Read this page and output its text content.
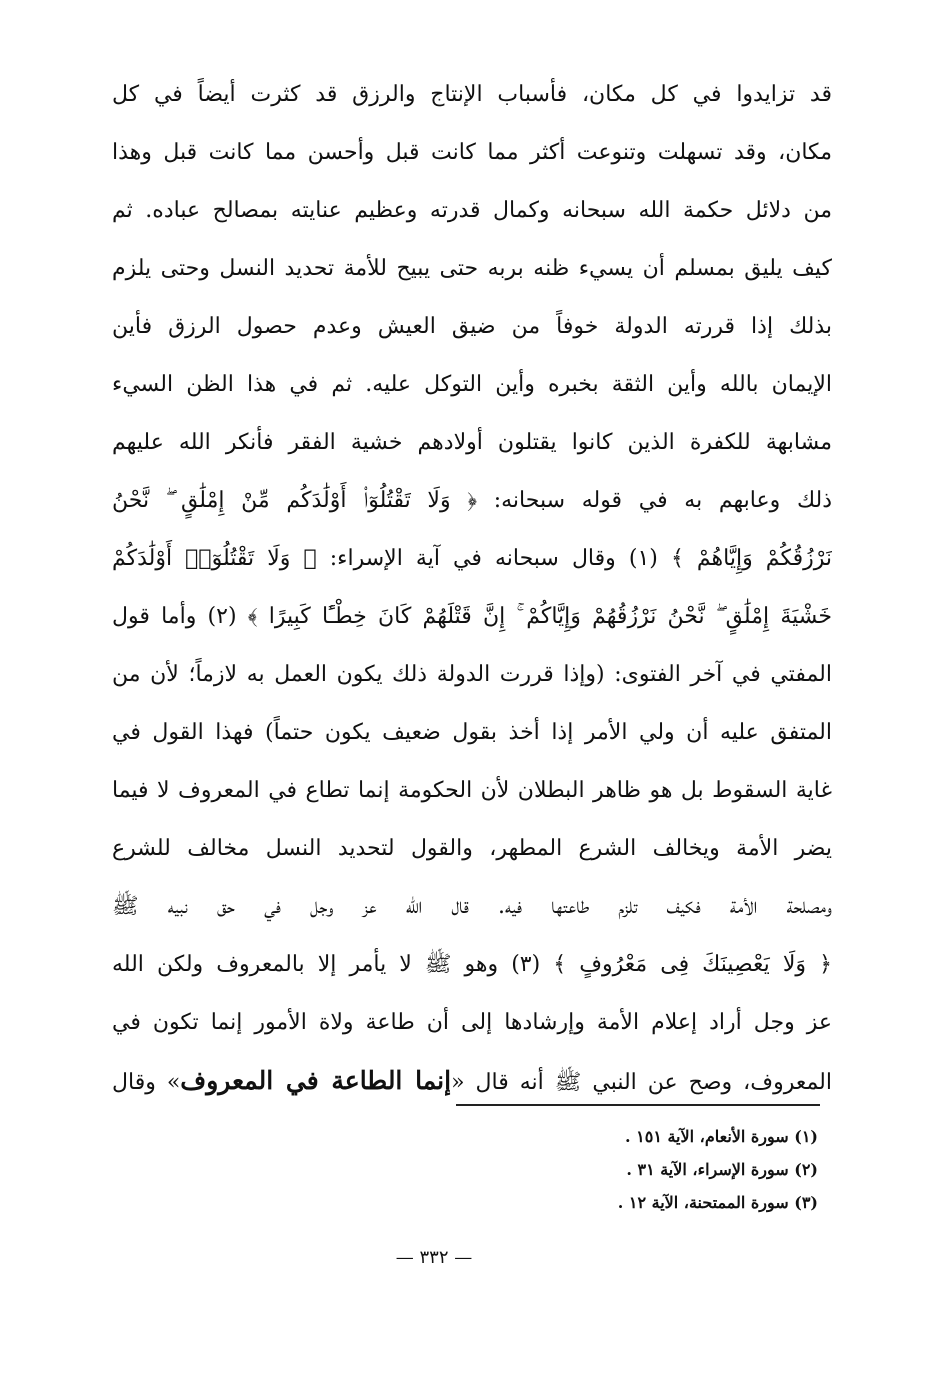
قد تزايدوا في كل مكان، فأسباب الإنتاج والرزق قد كثرت أيضاً في كل
مكان، وقد تسهلت وتنوعت أكثر مما كانت قبل وأحسن مما كانت قبل وهذا
من دلائل حكمة الله سبحانه وكمال قدرته وعظيم عنايته بمصالح عباده. ثم
كيف يليق بمسلم أن يسيء ظنه بربه حتى يبيح للأمة تحديد النسل وحتى يلزم
بذلك إذا قررته الدولة خوفاً من ضيق العيش وعدم حصول الرزق فأين
الإيمان بالله وأين الثقة بخبره وأين التوكل عليه. ثم في هذا الظن السيء
مشابهة للكفرة الذين كانوا يقتلون أولادهم خشية الفقر فأنكر الله عليهم
ذلك وعابهم به في قوله سبحانه: ﴿ وَلَا تَقْتُلُوٓا۟ أَوْلَٰدَكُم مِّنْ إِمْلَٰقٍ ۖ نَّحْنُ
نَرْزُقُكُمْ وَإِيَّاهُمْ ﴾ (١) وقال سبحانه في آية الإسراء: ﴿ وَلَا تَقْتُلُوٓا۟ أَوْلَٰدَكُمْ
خَشْيَةَ إِمْلَٰقٍ ۖ نَّحْنُ نَرْزُقُهُمْ وَإِيَّاكُمْ ۚ إِنَّ قَتْلَهُمْ كَانَ خِطْـًٔا كَبِيرًا ﴾ (٢) وأما قول
المفتي في آخر الفتوى: (وإذا قررت الدولة ذلك يكون العمل به لازماً؛ لأن من
المتفق عليه أن ولي الأمر إذا أخذ بقول ضعيف يكون حتماً) فهذا القول في
غاية السقوط بل هو ظاهر البطلان لأن الحكومة إنما تطاع في المعروف لا فيما
يضر الأمة ويخالف الشرع المطهر، والقول لتحديد النسل مخالف للشرع
ومصلحة الأمة فكيف تلزم طاعتها فيه. قال الله عز وجل في حق نبيه ﷺ
﴿ وَلَا يَعْصِينَكَ فِى مَعْرُوفٍ ﴾ (٣) وهو ﷺ لا يأمر إلا بالمعروف ولكن الله
عز وجل أراد إعلام الأمة وإرشادها إلى أن طاعة ولاة الأمور إنما تكون في
المعروف، وصح عن النبي ﷺ أنه قال «إنما الطاعة في المعروف» وقال
(١) سورة الأنعام، الآية ١٥١ .
(٢) سورة الإسراء، الآية ٣١ .
(٣) سورة الممتحنة، الآية ١٢ .
— ٣٣٢ —
